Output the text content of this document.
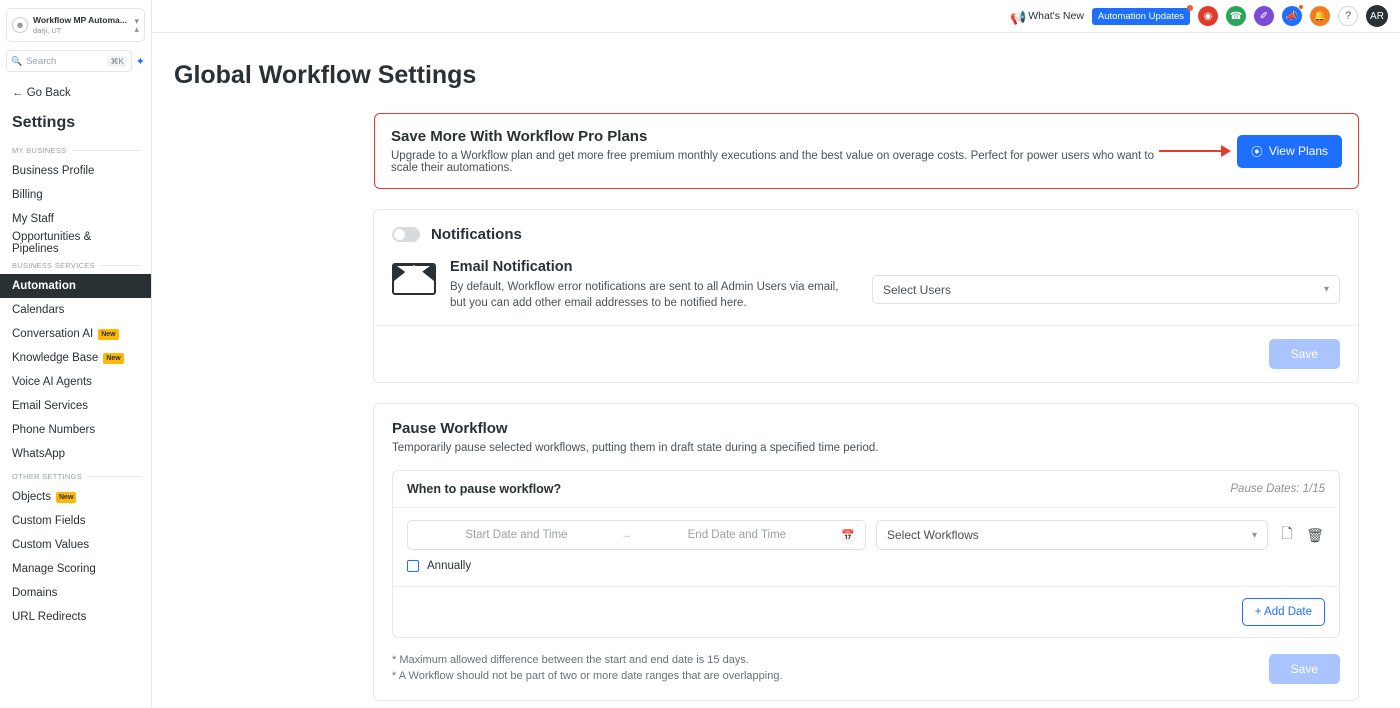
☻
Workflow MP Automa...
darji, UT
▾
▴
🔍 Search	⌘K ✦
← Go Back
Settings
MY BUSINESS
Business Profile
Billing
My Staff
Opportunities & Pipelines
BUSINESS SERVICES
Automation
Calendars
Conversation AI	New
Knowledge Base	New
Voice AI Agents
Email Services
Phone Numbers
WhatsApp
OTHER SETTINGS
Objects	New
Custom Fields
Custom Values
Manage Scoring
Domains
URL Redirects
📢 What's New	Automation Updates	◉	☎	✐	📣	🔔	? AR
Global Workflow Settings
Save More With Workflow Pro Plans
Upgrade to a Workflow plan and get more free premium monthly executions and the best value on overage costs. Perfect for power users who want to scale their automations.
⦿ View Plans
Notifications
Email Notification
By default, Workflow error notifications are sent to all Admin Users via email, but you can add other email addresses to be notified here.
Select Users	▾
Save
Pause Workflow
Temporarily pause selected workflows, putting them in draft state during a specified time period.
When to pause workflow?	Pause Dates: 1/15
Start Date and Time	→	End Date and Time	📅	Select Workflows	▾ 🗋 🗑
Annually
+ Add Date
* Maximum allowed difference between the start and end date is 15 days.
* A Workflow should not be part of two or more date ranges that are overlapping.	Save
